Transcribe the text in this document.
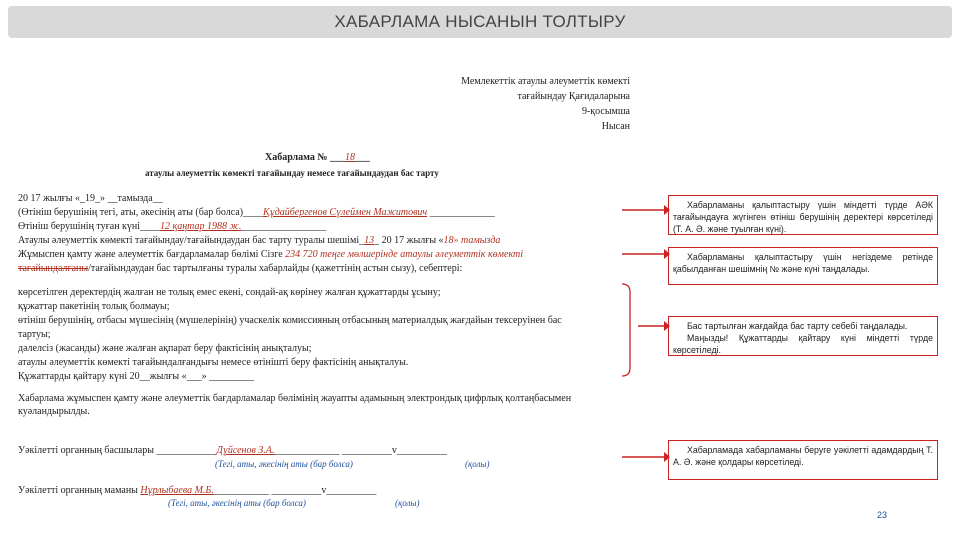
ХАБАРЛАМА НЫСАНЫН ТОЛТЫРУ
Мемлекеттік атаулы әлеуметтік көмекті
тағайындау Қағидаларына
9-қосымша
Нысан
Хабарлама № ___18___
атаулы әлеуметтік көмекті тағайындау немесе тағайындаудан бас тарту
20 17 жылғы «_19_» __тамызда__
(Өтініш берушінің тегі, аты, әкесінің аты (бар болса)____Құдайбергенов Сүлеймен Мажитович _____________
Өтініш берушінің туған күні____12 қаңтар 1988 ж._________________
Атаулы әлеуметтік көмекті тағайындау/тағайындаудан бас тарту туралы шешімі_13_ 20 17 жылғы «18» тамызда
Жұмыспен қамту және әлеуметтік бағдарламалар бөлімі Сізге 234 720 теңге мөлшерінде атаулы әлеуметтік көмекті
тағайындалғаны/тағайындаудан бас тартылғаны туралы хабарлайды (қажеттінің астын сызу), себептері:
көрсетілген деректердің жалған не толық емес екені, сондай-ақ көрінеу жалған құжаттарды ұсыну;
құжаттар пакетінің толық болмауы;
өтініш берушінің, отбасы мүшесінің (мүшелерінің) учаскелік комиссияның отбасының материалдық жағдайын тексеруінен бас
тартуы;
дәлелсіз (жасанды) және жалған ақпарат беру фактісінің анықталуы;
атаулы әлеуметтік көмекті тағайындалғандығы немесе өтінішті беру фактісінің анықталуы.
Құжаттарды қайтару күні 20__жылғы «___» _________
Хабарлама жұмыспен қамту және әлеуметтік бағдарламалар бөлімінің жауапты адамының электрондық цифрлық қолтаңбасымен
куәландырылды.
Уәкілетті органның басшылары ____________Дүйсенов З.А._____________ __________v__________
(Тегі, аты, әкесінің аты (бар болса)	(қолы)
Уәкілетті органның маманы Нұрлыбаева М.Б.___________ __________v__________
(Тегі, аты, әкесінің аты (бар болса)	(қолы)

Хабарламаны қалыптастыру үшін міндетті түрде АӘК тағайындауға жүгінген өтініш берушінің деректері көрсетіледі (Т. А. Ә. және туылған күні).

Хабарламаны қалыптастыру үшін негіздеме ретінде қабылданған шешімнің № және күні таңдалады.

Бас тартылған жағдайда бас тарту себебі таңдалады.

Маңызды! Құжаттарды қайтару күні міндетті түрде көрсетіледі.

Хабарламада хабарламаны беруге уәкілетті адамдардың Т. А. Ә. және қолдары көрсетіледі.

23
